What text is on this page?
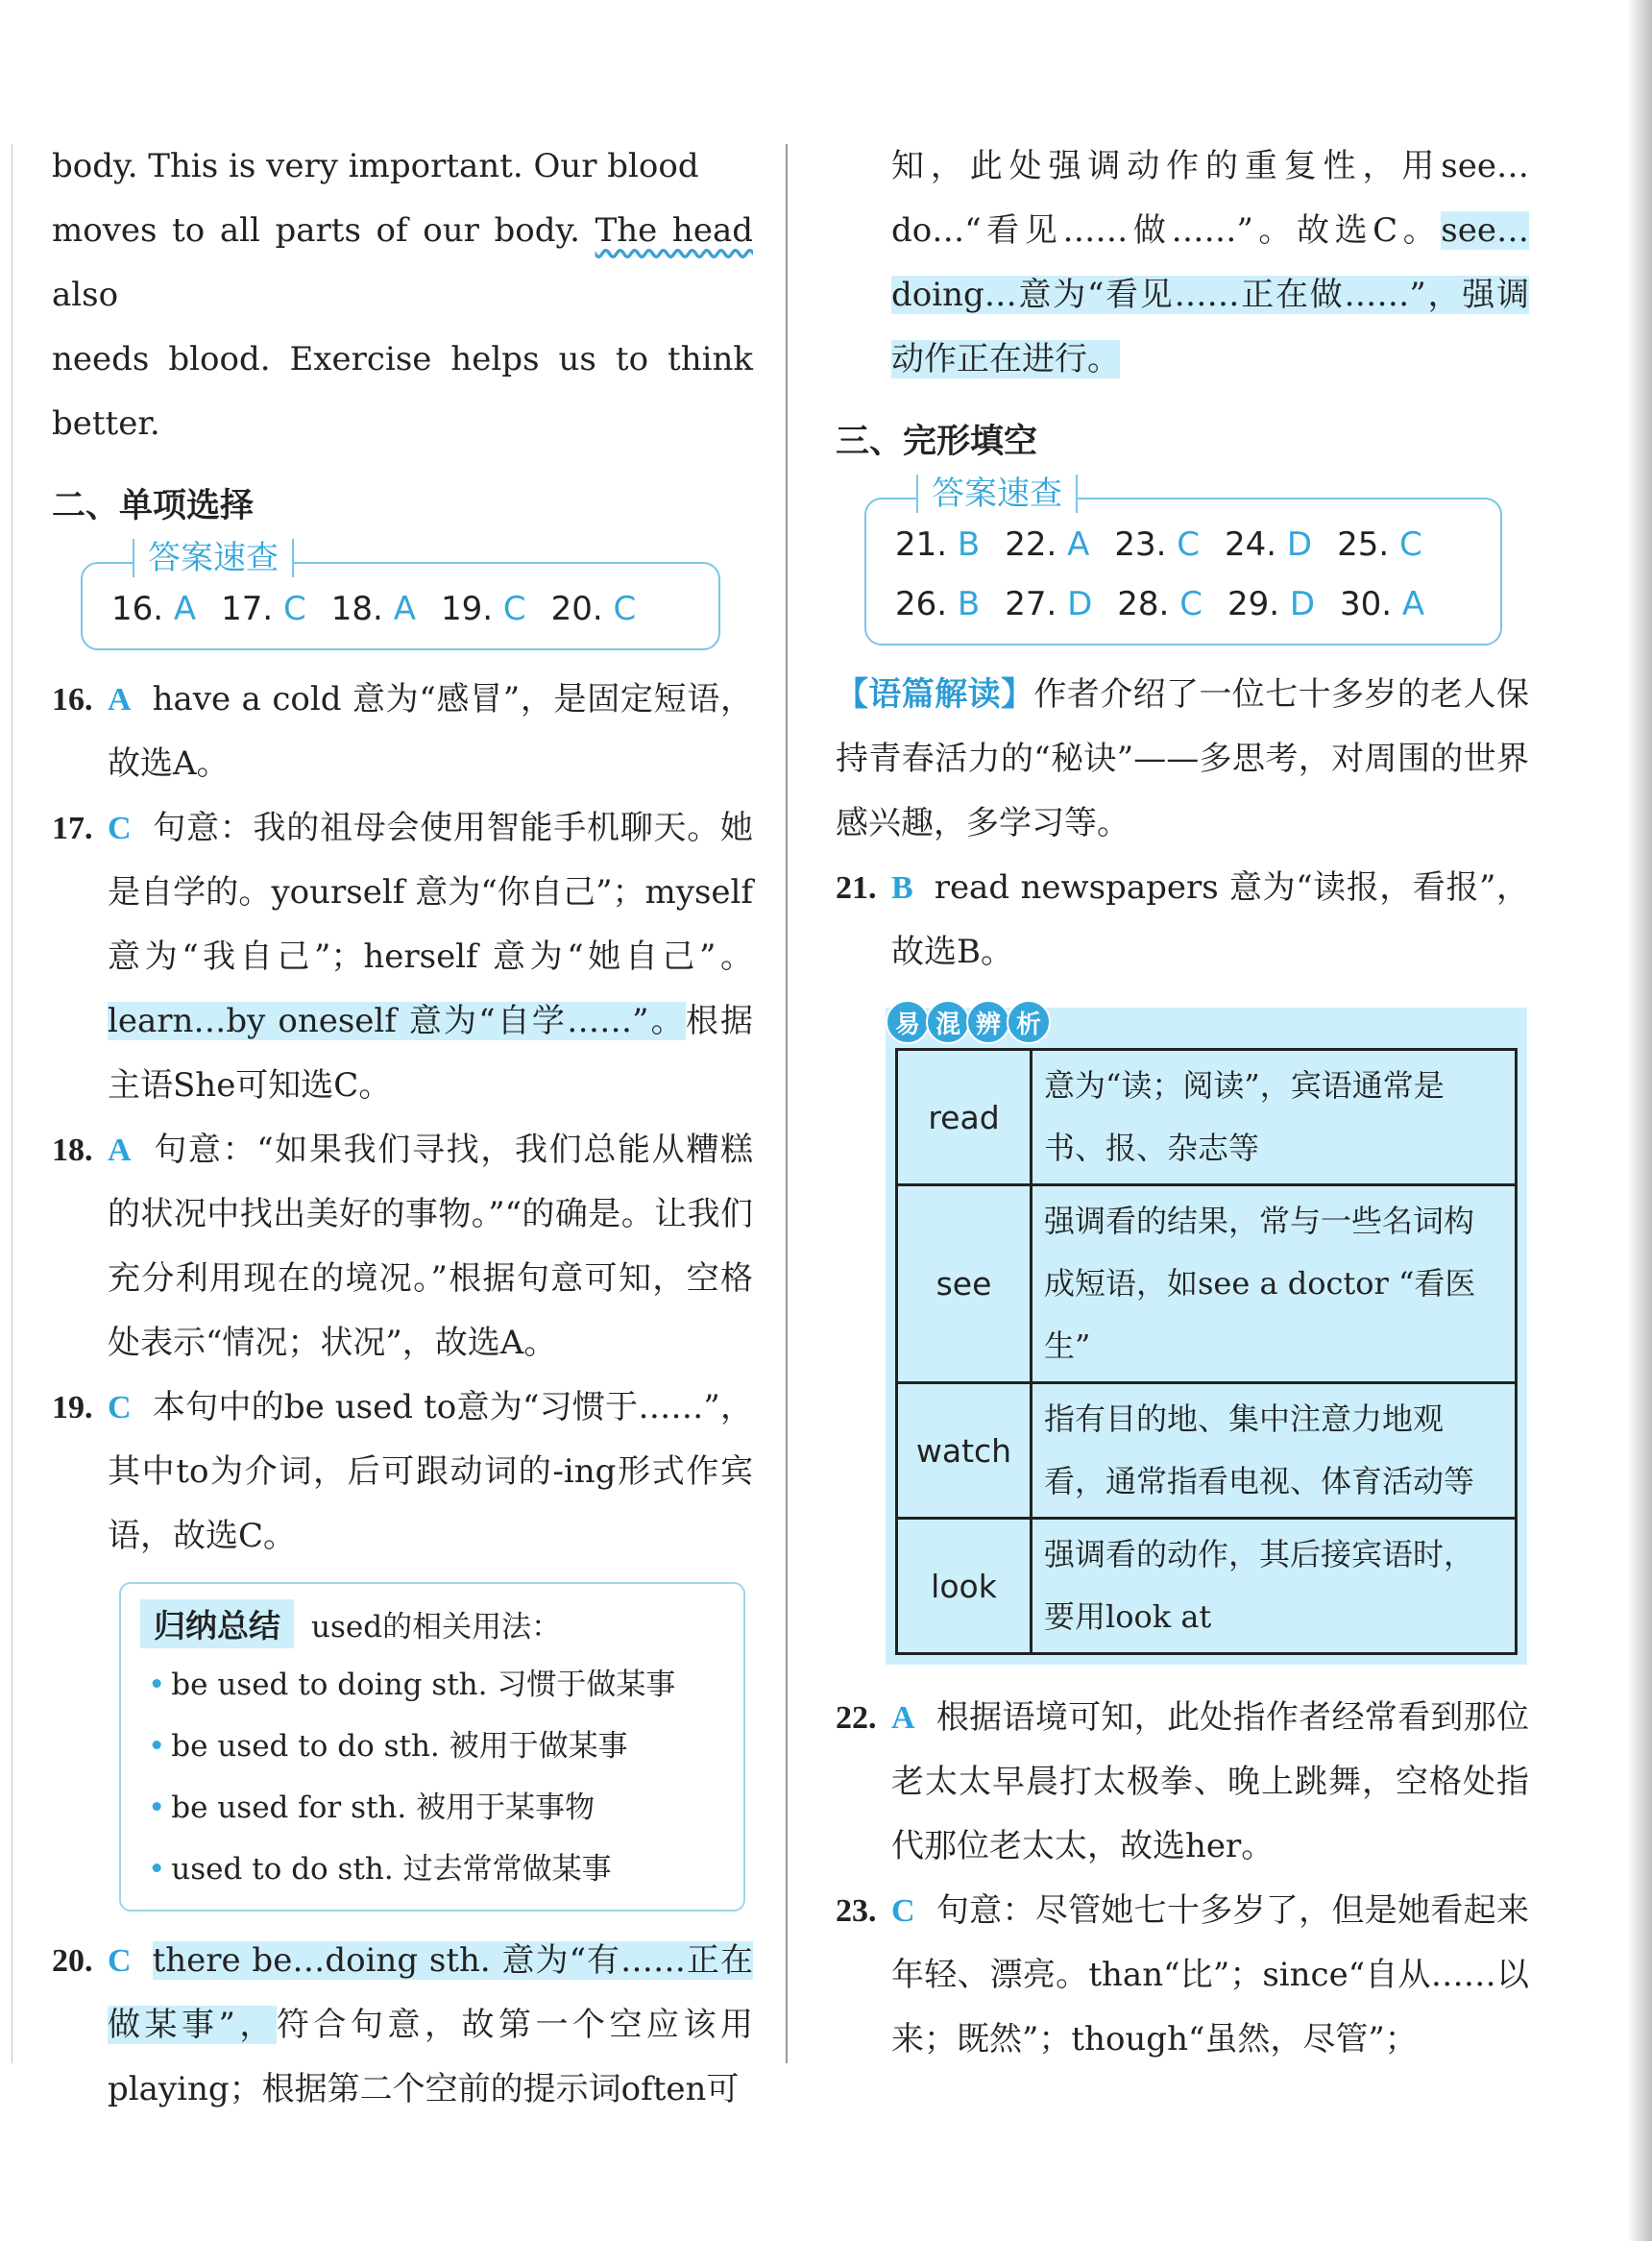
body. This is very important. Our blood
moves to all parts of our body. The head also
needs blood. Exercise helps us to think better.
二、单项选择
答案速查
16. A 17. C 18. A 19. C 20. C
16. A have a cold 意为“感冒”，是固定短语，故选A。
17. C 句意：我的祖母会使用智能手机聊天。她是自学的。yourself 意为“你自己”；myself 意为“我自己”；herself 意为“她自己”。learn…by oneself 意为“自学……”。根据主语She可知选C。
18. A 句意：“如果我们寻找，我们总能从糟糕的状况中找出美好的事物。”“的确是。让我们充分利用现在的境况。”根据句意可知，空格处表示“情况；状况”，故选A。
19. C 本句中的be used to意为“习惯于……”，其中to为介词，后可跟动词的-ing形式作宾语，故选C。
归纳总结	used的相关用法：
• be used to doing sth. 习惯于做某事
• be used to do sth. 被用于做某事
• be used for sth. 被用于某事物
• used to do sth. 过去常常做某事
20. C there be…doing sth. 意为“有……正在做某事”，符合句意，故第一个空应该用playing；根据第二个空前的提示词often可
知，此处强调动作的重复性，用see…do…“看见……做……”。故选C。see…doing…意为“看见……正在做……”，强调动作正在进行。
三、完形填空
答案速查
21. B 22. A 23. C 24. D 25. C
26. B 27. D 28. C 29. D 30. A
【语篇解读】作者介绍了一位七十多岁的老人保持青春活力的“秘诀”——多思考，对周围的世界感兴趣，多学习等。
21. B read newspapers 意为“读报，看报”，故选B。
易 混 辨 析
read	意为“读；阅读”，宾语通常是书、报、杂志等
see	强调看的结果，常与一些名词构成短语，如see a doctor “看医生”
watch	指有目的地、集中注意力地观看，通常指看电视、体育活动等
look	强调看的动作，其后接宾语时，要用look at
22. A 根据语境可知，此处指作者经常看到那位老太太早晨打太极拳、晚上跳舞，空格处指代那位老太太，故选her。
23. C 句意：尽管她七十多岁了，但是她看起来年轻、漂亮。than“比”；since“自从……以来；既然”；though“虽然，尽管”；
